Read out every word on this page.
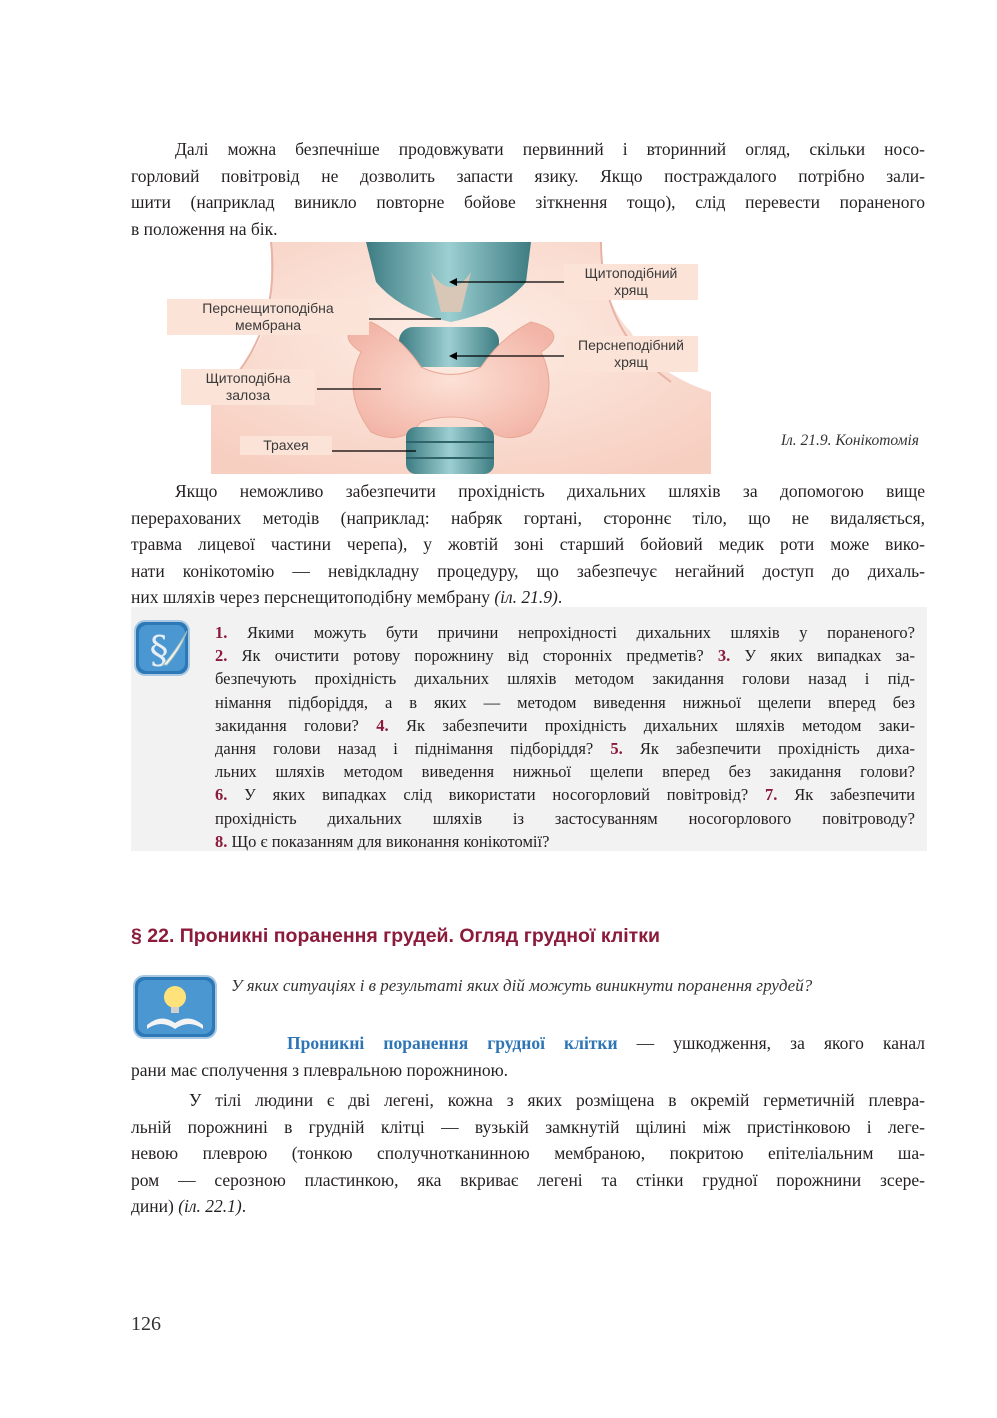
Далі можна безпечніше продовжувати первинний і вторинний огляд, скільки носо-
горловий повітровід не дозволить запасти язику. Якщо постраждалого потрібно зали-
шити (наприклад виникло повторне бойове зіткнення тощо), слід перевести пораненого
в положення на бік.
Перснещитоподібна мембрана
Щитоподібна залоза
Трахея
Щитоподібний хрящ
Перснеподібний хрящ
Іл. 21.9. Конікотомія
Якщо неможливо забезпечити прохідність дихальних шляхів за допомогою вище
перерахованих методів (наприклад: набряк гортані, стороннє тіло, що не видаляється,
травма лицевої частини черепа), у жовтій зоні старший бойовий медик роти може вико-
нати конікотомію — невідкладну процедуру, що забезпечує негайний доступ до дихаль-
них шляхів через перснещитоподібну мембрану (іл. 21.9).
§	1. Якими можуть бути причини непрохідності дихальних шляхів у пораненого?
2. Як очистити ротову порожнину від сторонніх предметів? 3. У яких випадках за-
безпечують прохідність дихальних шляхів методом закидання голови назад і під-
німання підборіддя, а в яких — методом виведення нижньої щелепи вперед без
закидання голови? 4. Як забезпечити прохідність дихальних шляхів методом заки-
дання голови назад і піднімання підборіддя? 5. Як забезпечити прохідність диха-
льних шляхів методом виведення нижньої щелепи вперед без закидання голови?
6. У яких випадках слід використати носогорловий повітровід? 7. Як забезпечити
прохідність дихальних шляхів із застосуванням носогорлового повітроводу?
8. Що є показанням для виконання конікотомії?
§ 22. Проникні поранення грудей. Огляд грудної клітки
У яких ситуаціях і в результаті яких дій можуть виникнути поранення грудей?
Проникні поранення грудної клітки — ушкодження, за якого канал
рани має сполучення з плевральною порожниною.
У тілі людини є дві легені, кожна з яких розміщена в окремій герметичній плевра-
льній порожнині в грудній клітці — вузькій замкнутій щілині між пристінковою і леге-
невою плеврою (тонкою сполучнотканинною мембраною, покритою епітеліальним ша-
ром — серозною пластинкою, яка вкриває легені та стінки грудної порожнини зсере-
дини) (іл. 22.1).
126
